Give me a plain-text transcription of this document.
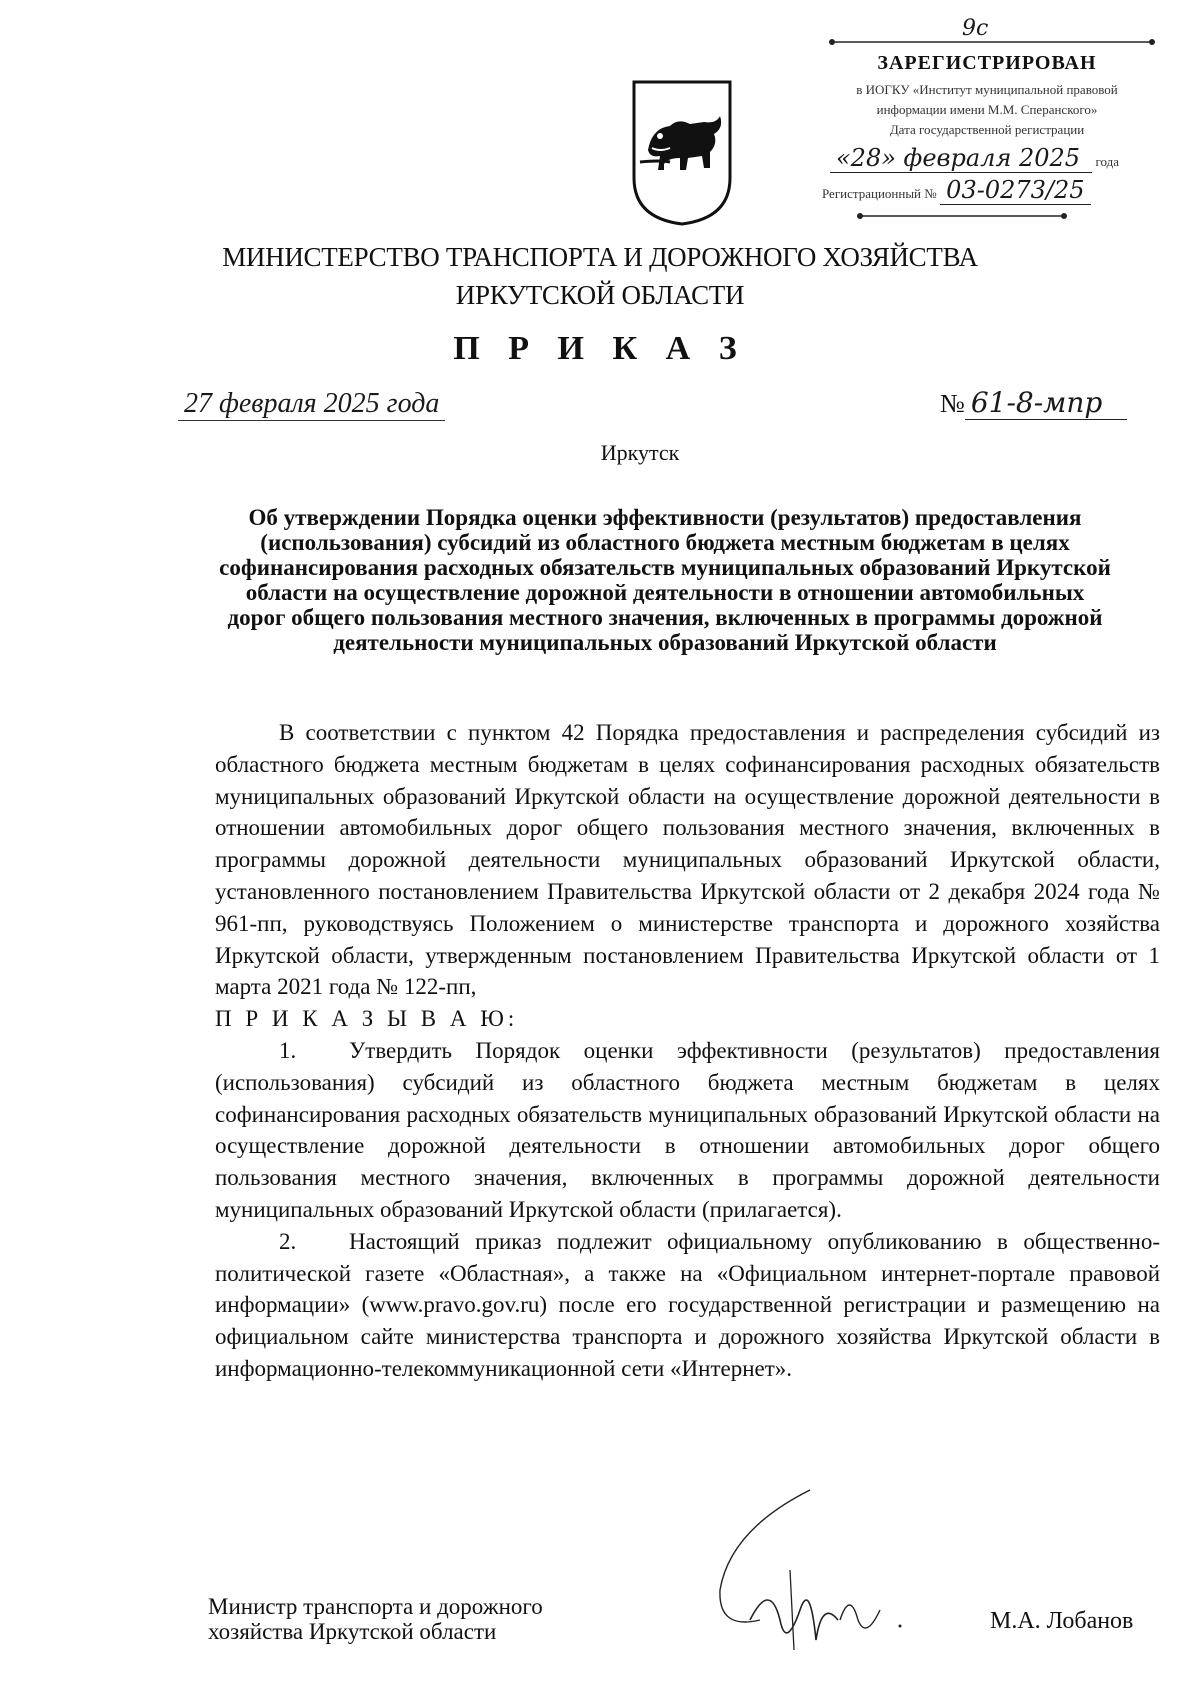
9с
ЗАРЕГИСТРИРОВАН
в ИОГКУ «Институт муниципальной правовой
информации имени М.М. Сперанского»
Дата государственной регистрации
«28» февраля 2025 года
Регистрационный № 03-0273/25
МИНИСТЕРСТВО ТРАНСПОРТА И ДОРОЖНОГО ХОЗЯЙСТВА
ИРКУТСКОЙ ОБЛАСТИ
П Р И К А З
27 февраля 2025 года	№ 61-8-мпр
Иркутск
Об утверждении Порядка оценки эффективности (результатов) предоставления (использования) субсидий из областного бюджета местным бюджетам в целях софинансирования расходных обязательств муниципальных образований Иркутской области на осуществление дорожной деятельности в отношении автомобильных дорог общего пользования местного значения, включенных в программы дорожной деятельности муниципальных образований Иркутской области

В соответствии с пунктом 42 Порядка предоставления и распределения субсидий из областного бюджета местным бюджетам в целях софинансирования расходных обязательств муниципальных образований Иркутской области на осуществление дорожной деятельности в отношении автомобильных дорог общего пользования местного значения, включенных в программы дорожной деятельности муниципальных образований Иркутской области, установленного постановлением Правительства Иркутской области от 2 декабря 2024 года № 961-пп, руководствуясь Положением о министерстве транспорта и дорожного хозяйства Иркутской области, утвержденным постановлением Правительства Иркутской области от 1 марта 2021 года № 122-пп,

П Р И К А З Ы В А Ю:

1. Утвердить Порядок оценки эффективности (результатов) предоставления (использования) субсидий из областного бюджета местным бюджетам в целях софинансирования расходных обязательств муниципальных образований Иркутской области на осуществление дорожной деятельности в отношении автомобильных дорог общего пользования местного значения, включенных в программы дорожной деятельности муниципальных образований Иркутской области (прилагается).

2. Настоящий приказ подлежит официальному опубликованию в общественно-политической газете «Областная», а также на «Официальном интернет-портале правовой информации» (www.pravo.gov.ru) после его государственной регистрации и размещению на официальном сайте министерства транспорта и дорожного хозяйства Иркутской области в информационно-телекоммуникационной сети «Интернет».

Министр транспорта и дорожного
хозяйства Иркутской области	М.А. Лобанов
